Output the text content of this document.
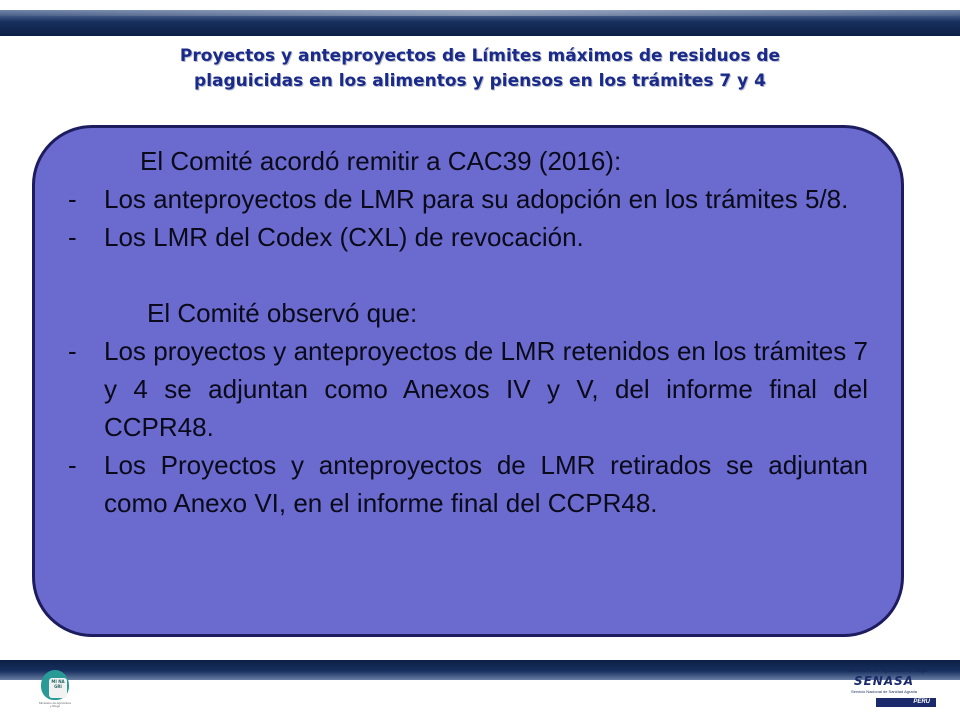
Proyectos y anteproyectos de Límites máximos de residuos de
plaguicidas en los alimentos y piensos en los trámites 7 y 4
El Comité acordó remitir a CAC39 (2016):
- Los anteproyectos de LMR para su adopción en los trámites 5/8.
- Los LMR del Codex (CXL) de revocación.
El Comité observó que:
- Los proyectos y anteproyectos de LMR retenidos en los trámites 7 y 4 se adjuntan como Anexos IV y V, del informe final del CCPR48.
- Los Proyectos y anteproyectos de LMR retirados se adjuntan como Anexo VI, en el informe final del CCPR48.
MI NA GRI
Ministerio de Agricultura y Riego
Ministerio de Agricultura y Riego
SENASA
Servicio Nacional de Sanidad Agraria
PERU
